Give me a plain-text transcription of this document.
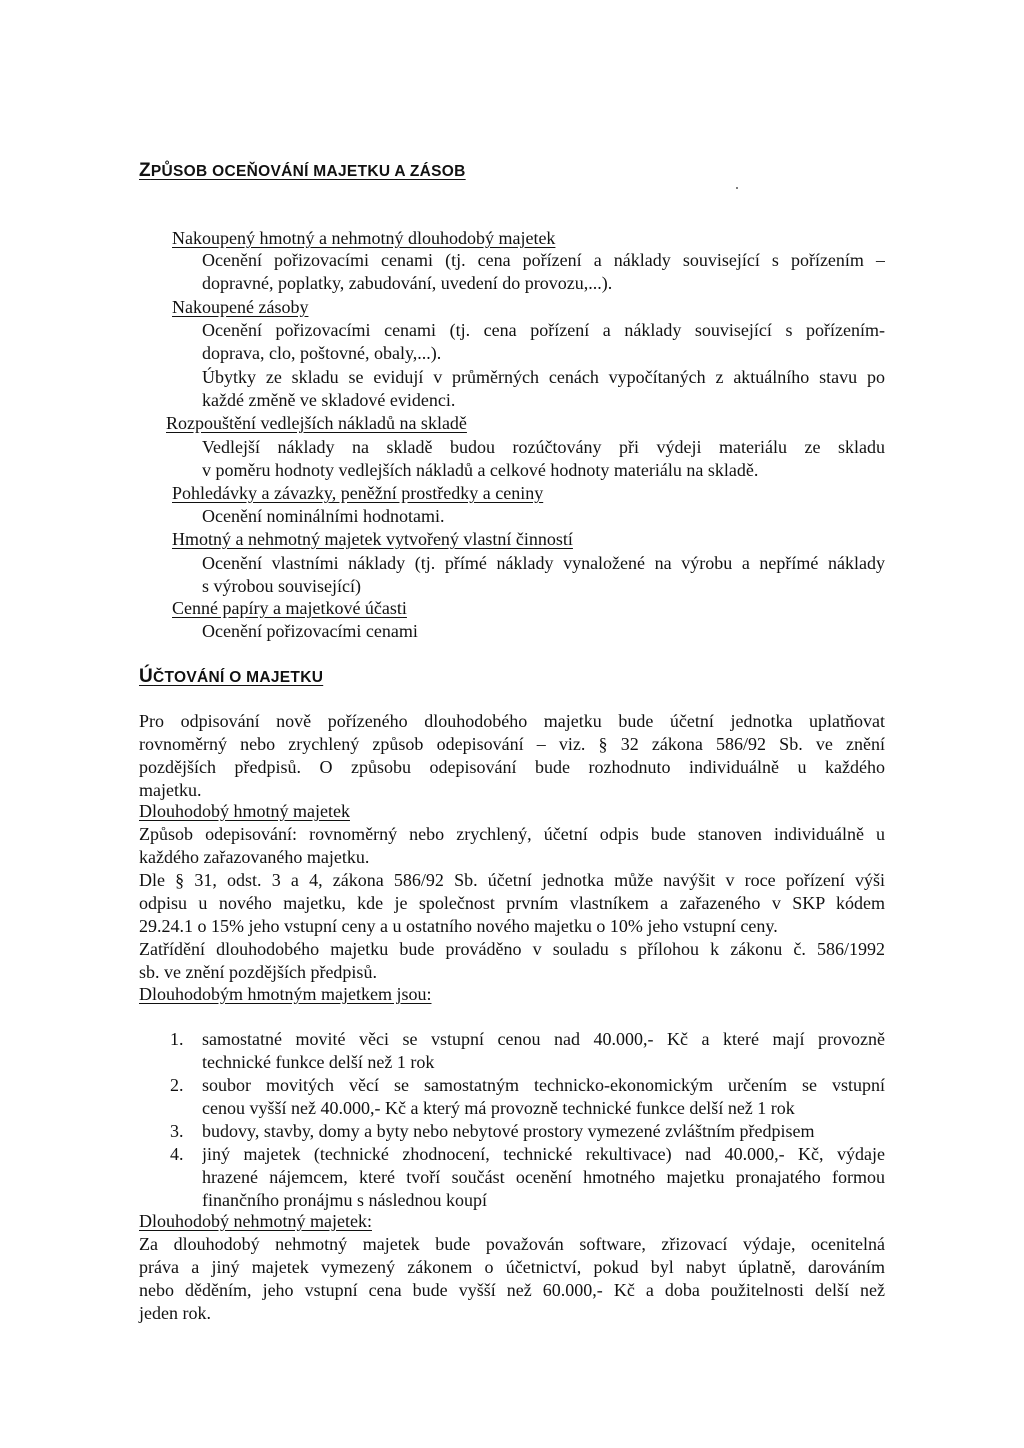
ZPŮSOB OCEŇOVÁNÍ MAJETKU A ZÁSOB
Nakoupený hmotný a nehmotný dlouhodobý majetek
Ocenění pořizovacími cenami (tj. cena pořízení a náklady související s pořízením –
dopravné, poplatky, zabudování, uvedení do provozu,...).
Nakoupené zásoby
Ocenění pořizovacími cenami (tj. cena pořízení a náklady související s pořízením-
doprava, clo, poštovné, obaly,...).
Úbytky ze skladu se evidují v průměrných cenách vypočítaných z aktuálního stavu po
každé změně ve skladové evidenci.
Rozpouštění vedlejších nákladů na skladě
Vedlejší náklady na skladě budou rozúčtovány při výdeji materiálu ze skladu
v poměru hodnoty vedlejších nákladů a celkové hodnoty materiálu na skladě.
Pohledávky a závazky, peněžní prostředky a ceniny
Ocenění nominálními hodnotami.
Hmotný a nehmotný majetek vytvořený vlastní činností
Ocenění vlastními náklady (tj. přímé náklady vynaložené na výrobu a nepřímé náklady
s výrobou související)
Cenné papíry a majetkové účasti
Ocenění pořizovacími cenami
ÚČTOVÁNÍ O MAJETKU
Pro odpisování nově pořízeného dlouhodobého majetku bude účetní jednotka uplatňovat
rovnoměrný nebo zrychlený způsob odepisování – viz. § 32 zákona 586/92 Sb. ve znění
pozdějších předpisů. O způsobu odepisování bude rozhodnuto individuálně u každého
majetku.
Dlouhodobý hmotný majetek
Způsob odepisování: rovnoměrný nebo zrychlený, účetní odpis bude stanoven individuálně u
každého zařazovaného majetku.
Dle § 31, odst. 3 a 4, zákona 586/92 Sb. účetní jednotka může navýšit v roce pořízení výši
odpisu u nového majetku, kde je společnost prvním vlastníkem a zařazeného v SKP kódem
29.24.1 o 15% jeho vstupní ceny a u ostatního nového majetku o 10% jeho vstupní ceny.
Zatřídění dlouhodobého majetku bude prováděno v souladu s přílohou k zákonu č. 586/1992
sb. ve znění pozdějších předpisů.
Dlouhodobým hmotným majetkem jsou:
1. samostatné movité věci se vstupní cenou nad 40.000,- Kč a které mají provozně
technické funkce delší než 1 rok
2. soubor movitých věcí se samostatným technicko-ekonomickým určením se vstupní
cenou vyšší než 40.000,- Kč a který má provozně technické funkce delší než 1 rok
3. budovy, stavby, domy a byty nebo nebytové prostory vymezené zvláštním předpisem
4. jiný majetek (technické zhodnocení, technické rekultivace) nad 40.000,- Kč, výdaje
hrazené nájemcem, které tvoří součást ocenění hmotného majetku pronajatého formou
finančního pronájmu s následnou koupí
Dlouhodobý nehmotný majetek:
Za dlouhodobý nehmotný majetek bude považován software, zřizovací výdaje, ocenitelná
práva a jiný majetek vymezený zákonem o účetnictví, pokud byl nabyt úplatně, darováním
nebo děděním, jeho vstupní cena bude vyšší než 60.000,- Kč a doba použitelnosti delší než
jeden rok.
